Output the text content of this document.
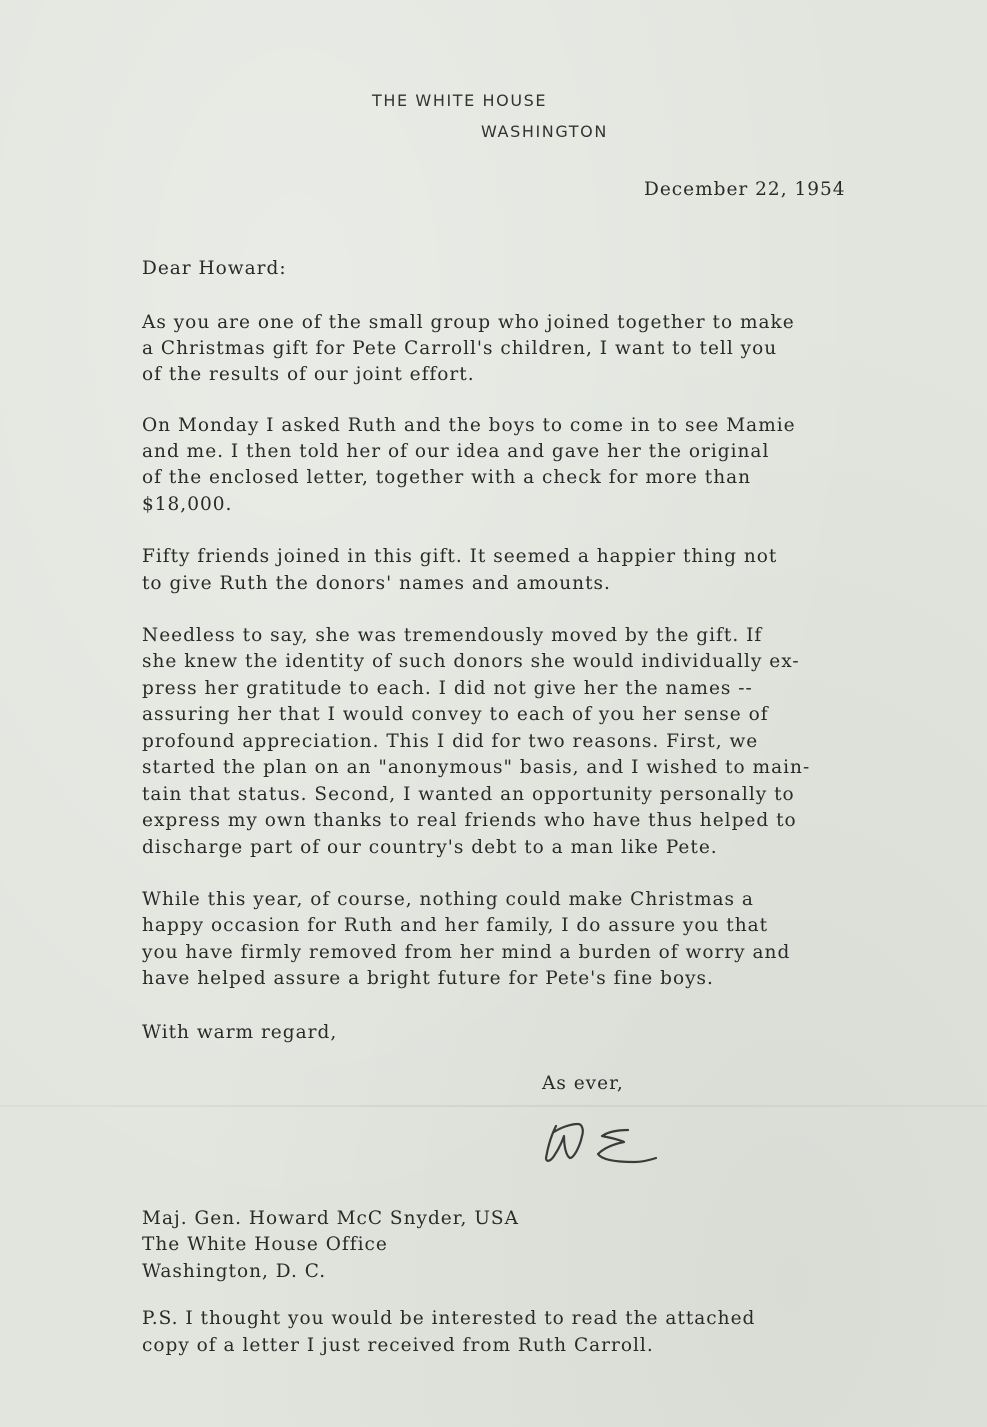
THE WHITE HOUSE
WASHINGTON
December 22, 1954
Dear Howard:
As you are one of the small group who joined together to make
a Christmas gift for Pete Carroll's children, I want to tell you
of the results of our joint effort.
On Monday I asked Ruth and the boys to come in to see Mamie
and me. I then told her of our idea and gave her the original
of the enclosed letter, together with a check for more than
$18,000.
Fifty friends joined in this gift. It seemed a happier thing not
to give Ruth the donors' names and amounts.
Needless to say, she was tremendously moved by the gift. If
she knew the identity of such donors she would individually ex-
press her gratitude to each. I did not give her the names --
assuring her that I would convey to each of you her sense of
profound appreciation. This I did for two reasons. First, we
started the plan on an "anonymous" basis, and I wished to main-
tain that status. Second, I wanted an opportunity personally to
express my own thanks to real friends who have thus helped to
discharge part of our country's debt to a man like Pete.
While this year, of course, nothing could make Christmas a
happy occasion for Ruth and her family, I do assure you that
you have firmly removed from her mind a burden of worry and
have helped assure a bright future for Pete's fine boys.
With warm regard,
As ever,
Maj. Gen. Howard McC Snyder, USA
The White House Office
Washington, D. C.
P.S. I thought you would be interested to read the attached
copy of a letter I just received from Ruth Carroll.
